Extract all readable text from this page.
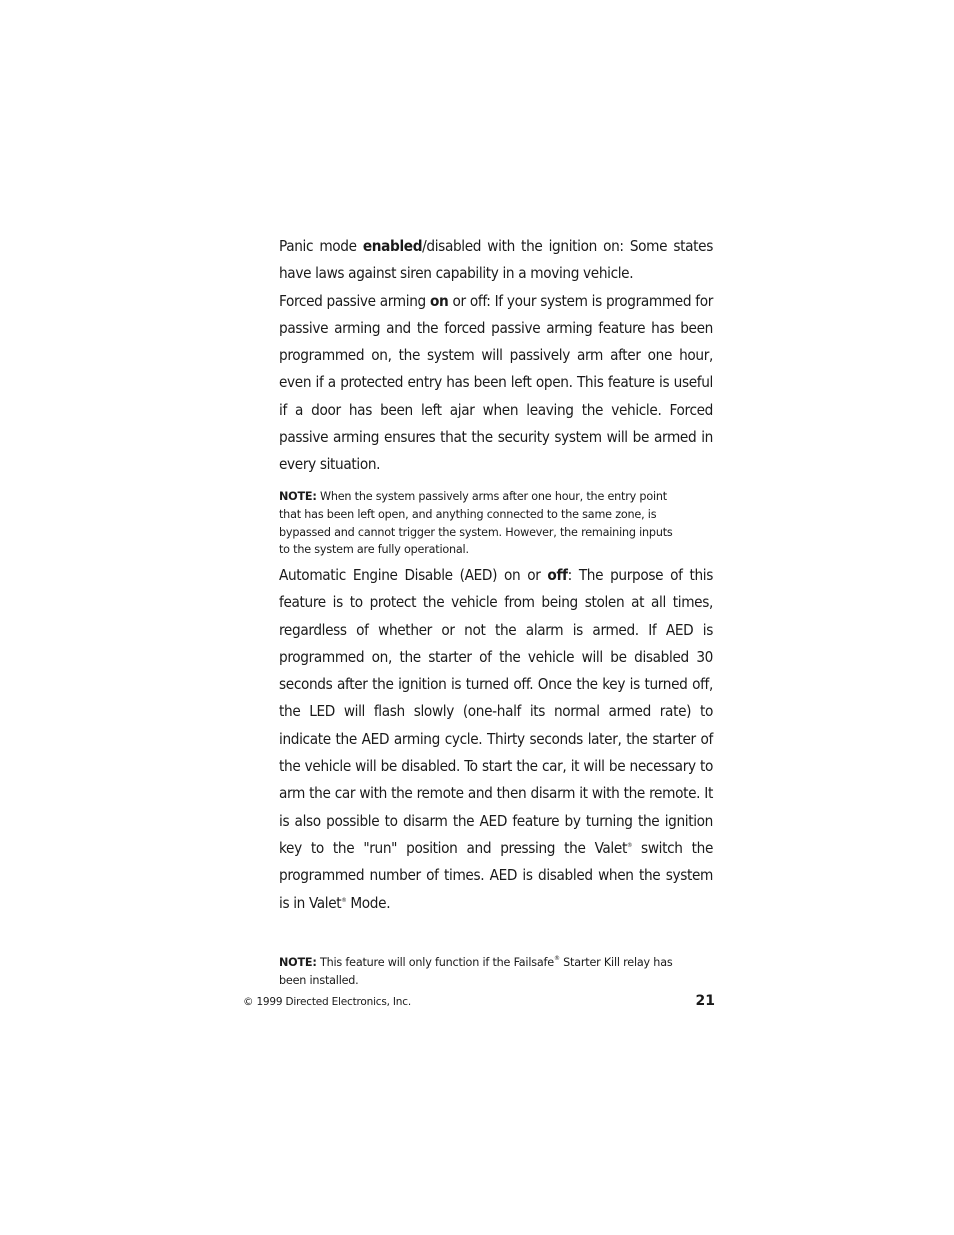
Panic mode enabled/disabled with the ignition on: Some states have laws against siren capability in a moving vehicle.

Forced passive arming on or off: If your system is programmed for passive arming and the forced passive arming feature has been programmed on, the system will passively arm after one hour, even if a protected entry has been left open. This feature is useful if a door has been left ajar when leaving the vehicle. Forced passive arming ensures that the security system will be armed in every situation.

NOTE: When the system passively arms after one hour, the entry point that has been left open, and anything connected to the same zone, is bypassed and cannot trigger the system. However, the remaining inputs to the system are fully operational.

Automatic Engine Disable (AED) on or off: The purpose of this feature is to protect the vehicle from being stolen at all times, regardless of whether or not the alarm is armed. If AED is programmed on, the starter of the vehicle will be disabled 30 seconds after the ignition is turned off. Once the key is turned off, the LED will flash slowly (one-half its normal armed rate) to indicate the AED arming cycle. Thirty seconds later, the starter of the vehicle will be disabled. To start the car, it will be necessary to arm the car with the remote and then disarm it with the remote. It is also possible to disarm the AED feature by turning the ignition key to the "run" position and pressing the Valet® switch the programmed number of times. AED is disabled when the system is in Valet® Mode.

NOTE: This feature will only function if the Failsafe® Starter Kill relay has been installed.

© 1999 Directed Electronics, Inc.	21
